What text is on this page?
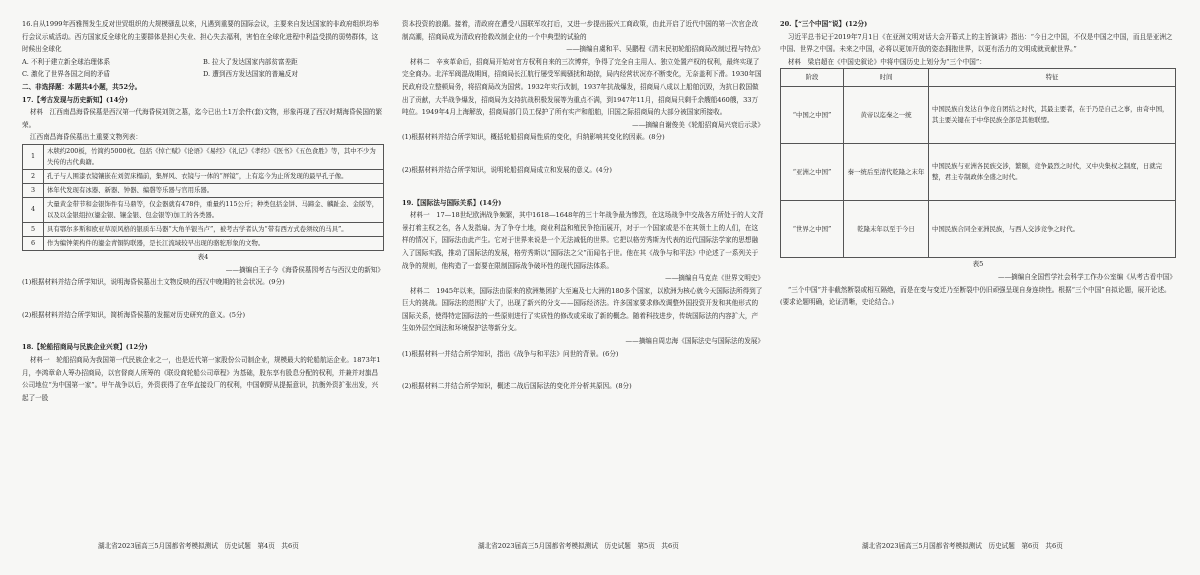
16.自从1999年西雅图发生反对世贸组织的大规模骚乱以来，凡遇到重要的国际会议，主要来自发达国家的非政府组织均举行会议示威活动。西方国家反全球化的主要群体是担心失业、担心失去福利，害怕在全球化进程中利益受损的弱势群体，这时候出全球化

A. 不利于建立新全球治理体系	B. 拉大了发达国家内部贫富差距
C. 激化了世界各国之间的矛盾	D. 遭到西方发达国家的普遍反对

二、非选择题：本题共4小题，共52分。

17.【考古发现与历史新知】(14分)

材料　江西南昌海昏侯墓是西汉第一代海昏侯刘贺之墓，迄今已出土1万余件(套)文物，形象再现了西汉时期海昏侯国的繁荣。

江西南昌海昏侯墓出土重要文物列表：

1	木牍约200板，竹简约5000枚。包括《悼亡赋》《论语》《易经》《礼记》《孝经》《医书》《五色食胜》等，其中不少为失传的古代典籍。
2	孔子与人围漆衣镜镶嵌在刘贺床榻前，集屏风、衣镜与一体的“屏镜”，上有迄今为止所发现的最早孔子像。
3	体年代发现有冰器、新器、钟器、编磬等乐器与官用乐器。
4	大量黄金带节和金银饰件有马鼎等，仅金器就有478件，重量约115公斤；种类包括金饼、马蹄金、麟趾金、金版等，以及以金银组拉(鎏金银、镶金银、包金银等)加工的各类器。
5	具有鄂尔多斯和欧亚草原风格的银质车马器“大角羊银当卢”，被考古学者认为“带有西方式卷须纹的马具”。
6	作为编钟架构件的鎏金青铜钩联器，是长江流域较早出现的骆驼形象的文物。

表4

——摘编自王子今《海昏侯墓园考古与西汉史的新知》

(1)根据材料并结合所学知识，说明海昏侯墓出土文物反映的西汉中晚期的社会状况。(9分)

(2)根据材料并结合所学知识，简析海昏侯墓的发掘对历史研究的意义。(5分)

18.【轮船招商局与民族企业兴衰】(12分)

材料一　轮船招商局为我国第一代民族企业之一，也是近代第一家股份公司制企业，规模最大的轮船航运企业。1873年1月，李鸿章命人筹办招商局，以官督商人所筹的《联设商轮船公司章程》为基础，股东享有股息分配的权利，并兼并对旗昌公司地位“为中国第一家”。甲午战争以后，外资获得了在华直接设厂的权利，中国朝野从提振意识，抗衡外资扩张出发，兴起了一股

湖北省2023届高三5月国都省考模拟测试　历史试题　第4页　共6页

资本投资的浪潮。接着，清政府在遭受八国联军攻打后，又进一步提出振兴工商政策，由此开启了近代中国的第一次官企改制高潮，招商局成为清政府抢救改制企业的一个中典型的试验的

——摘编自虞和平、吴鹏程《清末民初轮船招商局改制过程与特点》

材料二　辛亥革命后，招商局开始对官方权利自来的三次博弈，争得了完全自主用人、独立处置产权的权利，最终实现了完全商办。北洋军阀混战期间，招商局长江航行屡受军阀骚扰和劫掠，局内经营状况亦不断变化，无奈盖利下滑。1930年国民政府设立整顿局务，将招商局改为国营。1932年实行改制，1937年抗战爆发，招商局八成以上船舶沉毁，为抗日救国做出了贡献，大半战争爆发，招商局为支持抗战积极发展等为重点不满，到1947年11月，招商局只剩千余艘船460艘，33万吨位。1949年4月上海解放，招商局部门员工保护了所有实产和船舶，旧国之际招商局的大部分被国家所接收。

——摘编自谢俊美《轮船招商局兴衰后示录》

(1)根据材料并结合所学知识，概括轮船招商局性质的变化，归纳影响其变化的因素。(8分)

(2)根据材料并结合所学知识，说明轮船招商局成立和发展的意义。(4分)

19.【国际法与国际关系】(14分)

材料一　17—18世纪欧洲战争频繁，其中1618—1648年的三十年战争最为惨烈，在这场战争中交战各方所处于的人文背景打着主权之名，各人发指扇。为了争夺土地，商业利益和殖民争抢而展开，对于一个国家或是不在其领土上的人们，在这样的情况下，国际法由此产生。它对于世界来说是一个无法减低的世界。它把以格劳秀斯为代表的近代国际法学家的思想融入了国际实践，推动了国际法的发展，格劳秀斯以“国际法之父”而闻名于世。他在其《战争与和平法》中论述了一系列关于战争的规则，他构造了一套要在限制国际战争破坏性的现代国际法体系。

——摘编自马克垚《世界文明史》

材料二　1945年以来，国际法由原来的欧洲集团扩大至遍及七大洲的180多个国家，以欧洲为核心就今天国际法所得到了巨大的挑战。国际法的范围扩大了，出现了新兴的分支——国际经济法。许多国家要求修改调整外国投资开发和其他形式的国际关系，使得特定国际法的一些原则进行了实质性的修改或采取了新的概念。随着科技进步，传统国际法的内容扩大，产生如外层空间法和环境保护法等新分支。

——摘编自周忠海《国际法史与国际法的发展》

(1)根据材料一并结合所学知识，指出《战争与和平法》问世的背景。(6分)

(2)根据材料二并结合所学知识，概述二战后国际法的变化并分析其原因。(8分)

湖北省2023届高三5月国都省考模拟测试　历史试题　第5页　共6页

20.【“三个中国”说】(12分)

习近平总书记于2019年7月1日《在亚洲文明对话大会开幕式上的主旨演讲》指出：“今日之中国，不仅是中国之中国，而且是亚洲之中国、世界之中国。未来之中国，必将以更加开放的姿态拥抱世界，以更有活力的文明成就贡献世界。”

材料　梁启超在《中国史叙论》中将中国历史上划分为“三个中国”：

阶段	时间	特征
“中国之中国”	黄帝以迄秦之一统	中国民族自发达自争竞自团结之时代，其最主要者，在于乃是自己之事，由奇中国，其主要关键在于中华民族全部是其他联盟。
“亚洲之中国”	秦一统后至清代乾隆之末年	中国民族与亚洲各民族交涉，繁颐，竞争最烈之时代，又中央集权之制度，日就完整，君主专制政体全盛之时代。
“世界之中国”	乾隆末年以至于今日	中国民族合同全亚洲民族，与西人交涉竞争之时代。

表5

——摘编自全国哲学社会科学工作办公室编《从考古看中国》

“三个中国”并非截然断裂或相互隔绝，而是在变与变迁乃至断裂中仍旧顽强呈现自身连续性。根据“三个中国”自拟论题，展开论述。(要求论题明确，论证清晰，史论结合。)

湖北省2023届高三5月国都省考模拟测试　历史试题　第6页　共6页
